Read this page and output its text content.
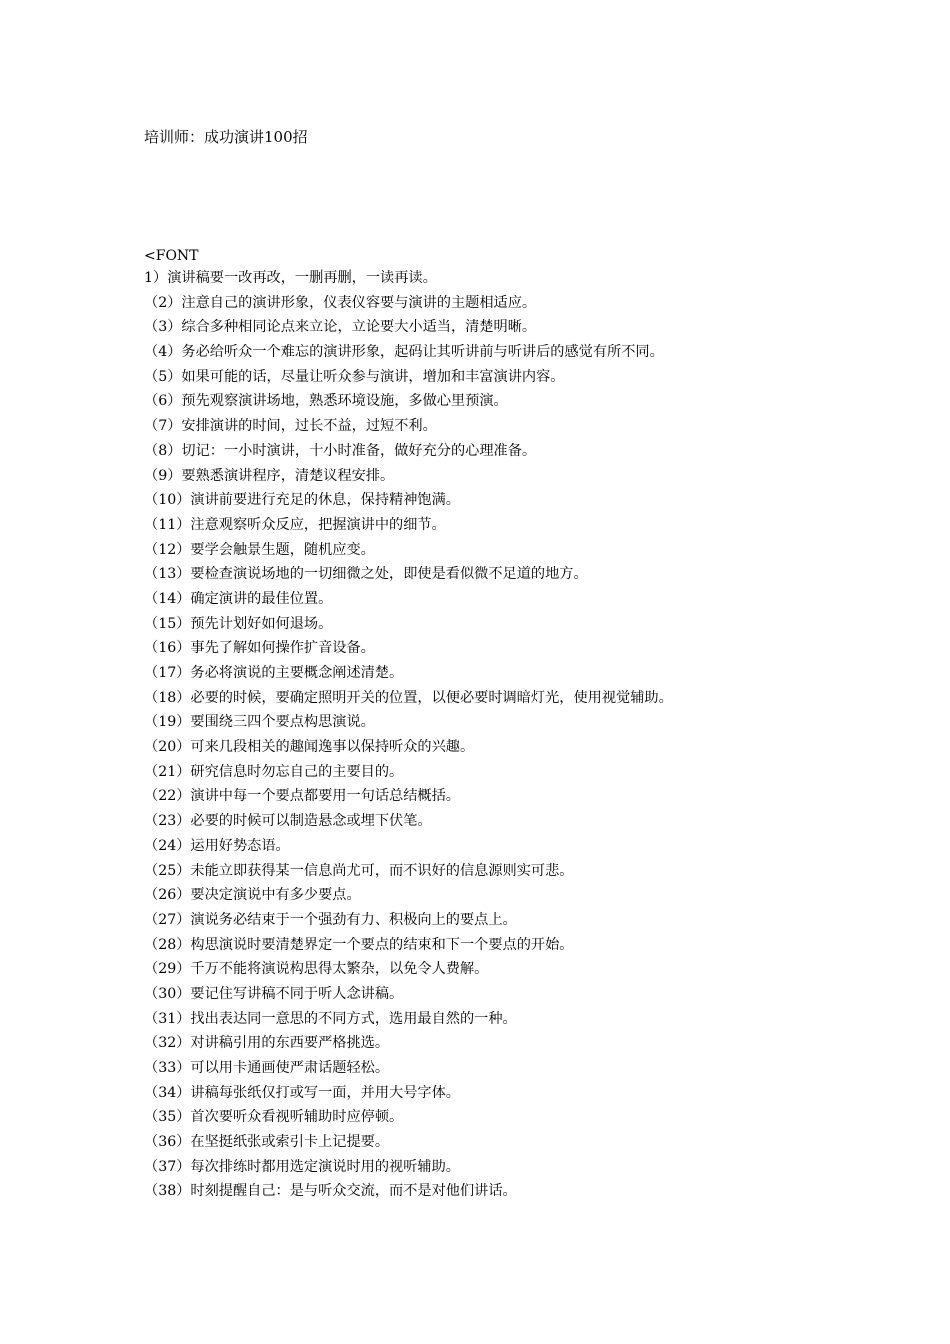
培训师：成功演讲100招
<FONT
1）演讲稿要一改再改，一删再删，一读再读。
（2）注意自己的演讲形象，仪表仪容要与演讲的主题相适应。
（3）综合多种相同论点来立论，立论要大小适当，清楚明晰。
（4）务必给听众一个难忘的演讲形象，起码让其听讲前与听讲后的感觉有所不同。
（5）如果可能的话，尽量让听众参与演讲，增加和丰富演讲内容。
（6）预先观察演讲场地，熟悉环境设施，多做心里预演。
（7）安排演讲的时间，过长不益，过短不利。
（8）切记：一小时演讲，十小时准备，做好充分的心理准备。
（9）要熟悉演讲程序，清楚议程安排。
（10）演讲前要进行充足的休息，保持精神饱满。
（11）注意观察听众反应，把握演讲中的细节。
（12）要学会触景生题，随机应变。
（13）要检查演说场地的一切细微之处，即使是看似微不足道的地方。
（14）确定演讲的最佳位置。
（15）预先计划好如何退场。
（16）事先了解如何操作扩音设备。
（17）务必将演说的主要概念阐述清楚。
（18）必要的时候，要确定照明开关的位置，以便必要时调暗灯光，使用视觉辅助。
（19）要围绕三四个要点构思演说。
（20）可来几段相关的趣闻逸事以保持听众的兴趣。
（21）研究信息时勿忘自己的主要目的。
（22）演讲中每一个要点都要用一句话总结概括。
（23）必要的时候可以制造悬念或埋下伏笔。
（24）运用好势态语。
（25）未能立即获得某一信息尚尤可，而不识好的信息源则实可悲。
（26）要决定演说中有多少要点。
（27）演说务必结束于一个强劲有力、积极向上的要点上。
（28）构思演说时要清楚界定一个要点的结束和下一个要点的开始。
（29）千万不能将演说构思得太繁杂，以免令人费解。
（30）要记住写讲稿不同于听人念讲稿。
（31）找出表达同一意思的不同方式，选用最自然的一种。
（32）对讲稿引用的东西要严格挑选。
（33）可以用卡通画使严肃话题轻松。
（34）讲稿每张纸仅打或写一面，并用大号字体。
（35）首次要听众看视听辅助时应停顿。
（36）在坚挺纸张或索引卡上记提要。
（37）每次排练时都用选定演说时用的视听辅助。
（38）时刻提醒自己：是与听众交流，而不是对他们讲话。
